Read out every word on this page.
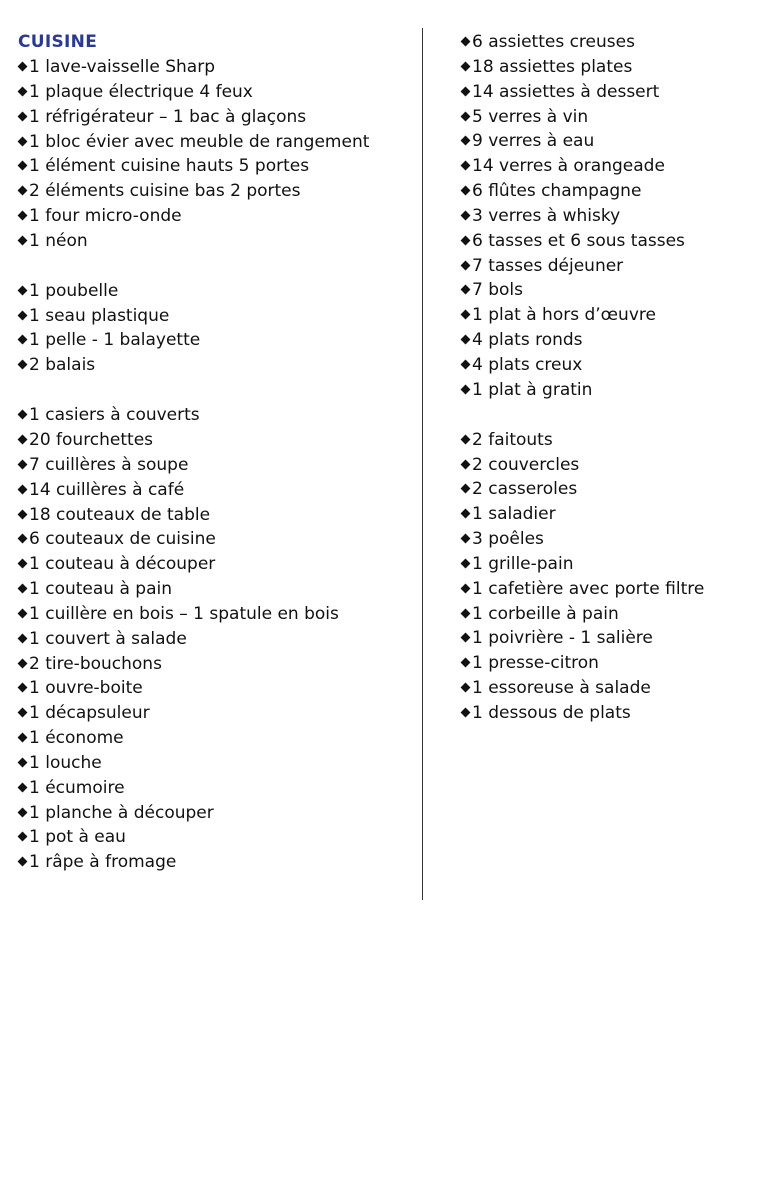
CUISINE
1 lave-vaisselle Sharp
1 plaque électrique 4 feux
1 réfrigérateur – 1 bac à glaçons
1 bloc évier avec meuble de rangement
1 élément cuisine hauts 5 portes
2 éléments cuisine bas 2 portes
1 four micro-onde
1 néon
1 poubelle
1 seau plastique
1 pelle - 1 balayette
2 balais
1 casiers à couverts
20 fourchettes
7 cuillères à soupe
14 cuillères à café
18 couteaux de table
6 couteaux de cuisine
1 couteau à découper
1 couteau à pain
1 cuillère en bois – 1 spatule en bois
1 couvert à salade
2 tire-bouchons
1 ouvre-boite
1 décapsuleur
1 économe
1 louche
1 écumoire
1 planche à découper
1 pot à eau
1 râpe à fromage
6 assiettes creuses
18 assiettes plates
14 assiettes à dessert
5 verres à vin
9 verres à eau
14 verres à orangeade
6 flûtes champagne
3 verres à whisky
6 tasses et 6 sous tasses
7 tasses déjeuner
7 bols
1 plat à hors d’œuvre
4 plats ronds
4 plats creux
1 plat à gratin
2 faitouts
2 couvercles
2 casseroles
1 saladier
3 poêles
1 grille-pain
1 cafetière avec porte filtre
1 corbeille à pain
1 poivrière - 1 salière
1 presse-citron
1 essoreuse à salade
1 dessous de plats
